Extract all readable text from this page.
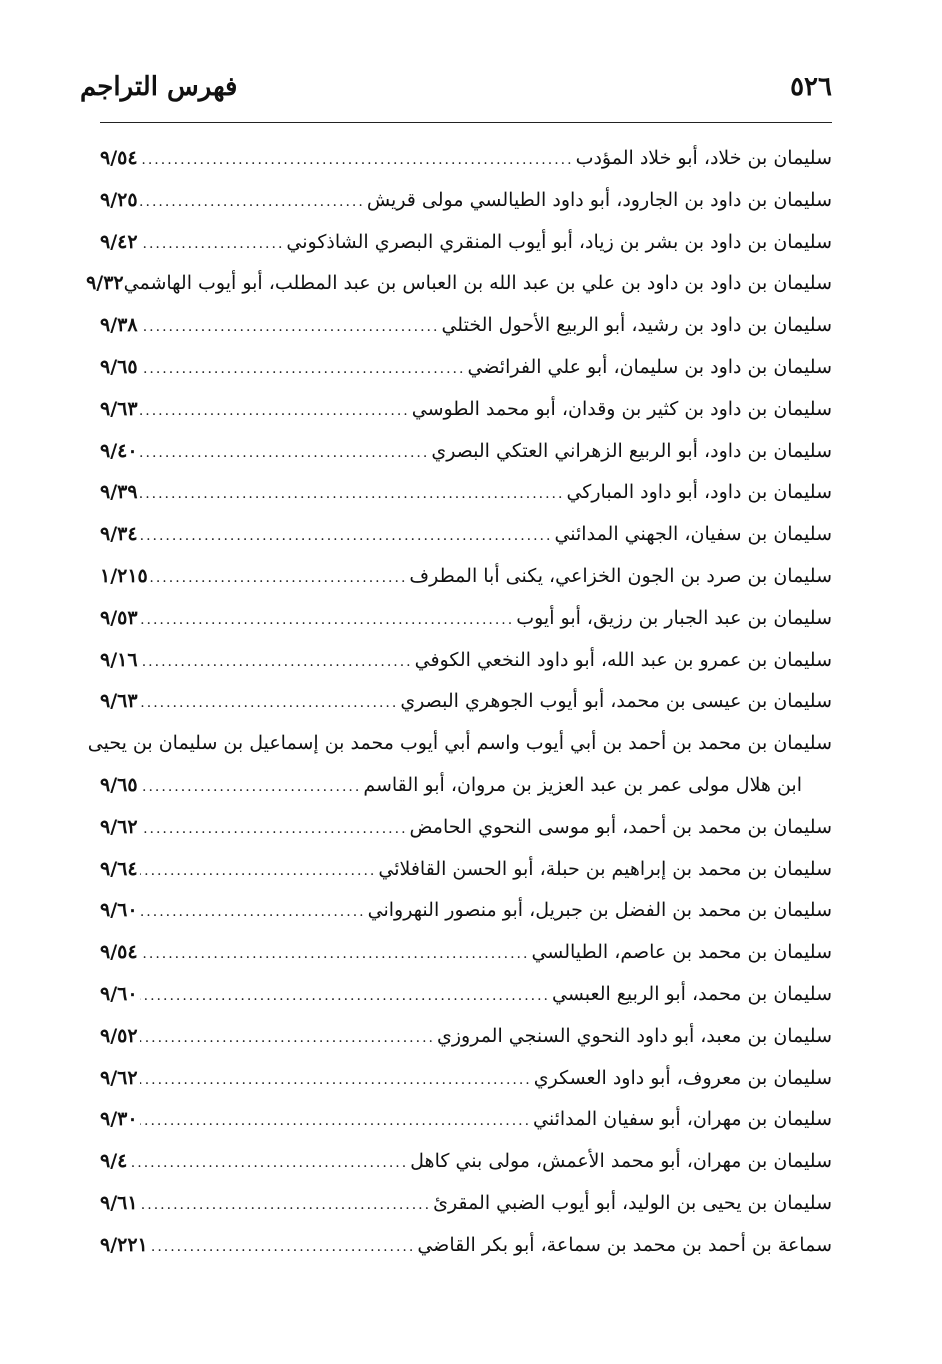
فهرس التراجم	٥٢٦
سليمان بن خلاد، أبو خلاد المؤدب
.....
٩/٥٤
سليمان بن داود بن الجارود، أبو داود الطيالسي مولى قريش
.....
٩/٢٥
سليمان بن داود بن بشر بن زياد، أبو أيوب المنقري البصري الشاذكوني
.....
٩/٤٢
سليمان بن داود بن داود بن علي بن عبد الله بن العباس بن عبد المطلب، أبو أيوب الهاشمي
٩/٣٢
سليمان بن داود بن رشيد، أبو الربيع الأحول الختلي
.....
٩/٣٨
سليمان بن داود بن سليمان، أبو علي الفرائضي
.....
٩/٦٥
سليمان بن داود بن كثير بن وقدان، أبو محمد الطوسي
.....
٩/٦٣
سليمان بن داود، أبو الربيع الزهراني العتكي البصري
.....
٩/٤٠
سليمان بن داود، أبو داود المباركي
.....
٩/٣٩
سليمان بن سفيان، الجهني المدائني
.....
٩/٣٤
سليمان بن صرد بن الجون الخزاعي، يكنى أبا المطرف
.....
١/٢١٥
سليمان بن عبد الجبار بن رزيق، أبو أيوب
.....
٩/٥٣
سليمان بن عمرو بن عبد الله، أبو داود النخعي الكوفي
.....
٩/١٦
سليمان بن عيسى بن محمد، أبو أيوب الجوهري البصري
.....
٩/٦٣
سليمان بن محمد بن أحمد بن أبي أيوب واسم أبي أيوب محمد بن إسماعيل بن سليمان بن يحيى
ابن هلال مولى عمر بن عبد العزيز بن مروان، أبو القاسم
.....
٩/٦٥
سليمان بن محمد بن أحمد، أبو موسى النحوي الحامض
.....
٩/٦٢
سليمان بن محمد بن إبراهيم بن حبلة، أبو الحسن القافلائي
.....
٩/٦٤
سليمان بن محمد بن الفضل بن جبريل، أبو منصور النهرواني
.....
٩/٦٠
سليمان بن محمد بن عاصم، الطيالسي
.....
٩/٥٤
سليمان بن محمد، أبو الربيع العبسي
.....
٩/٦٠
سليمان بن معبد، أبو داود النحوي السنجي المروزي
.....
٩/٥٢
سليمان بن معروف، أبو داود العسكري
.....
٩/٦٢
سليمان بن مهران، أبو سفيان المدائني
.....
٩/٣٠
سليمان بن مهران، أبو محمد الأعمش، مولى بني كاهل
.....
٩/٤
سليمان بن يحيى بن الوليد، أبو أيوب الضبي المقرئ
.....
٩/٦١
سماعة بن أحمد بن محمد بن سماعة، أبو بكر القاضي
.....
٩/٢٢١
